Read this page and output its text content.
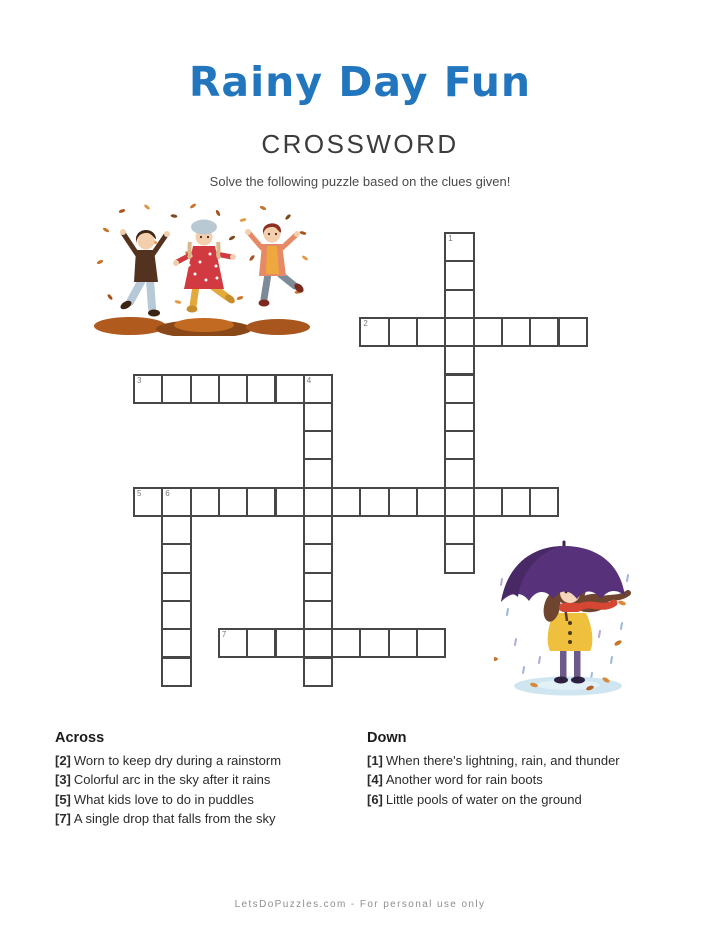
Rainy Day Fun
CROSSWORD
Solve the following puzzle based on the clues given!
1
2
3	4
5	6
7
Across
[2] Worn to keep dry during a rainstorm
[3] Colorful arc in the sky after it rains
[5] What kids love to do in puddles
[7] A single drop that falls from the sky
Down
[1] When there's lightning, rain, and thunder
[4] Another word for rain boots
[6] Little pools of water on the ground
LetsDoPuzzles.com - For personal use only
